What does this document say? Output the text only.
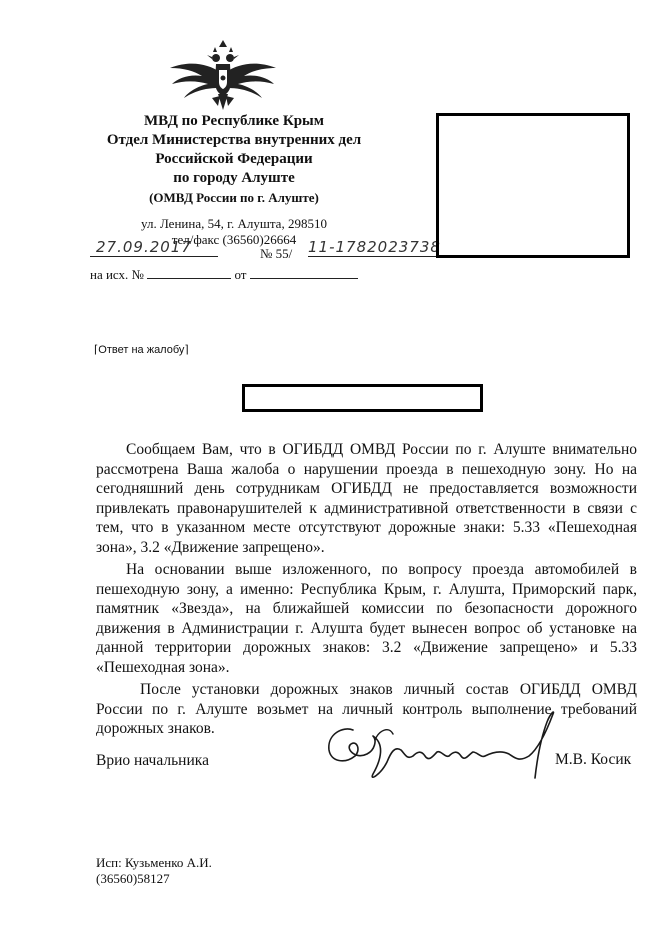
МВД по Республике Крым
Отдел Министерства внутренних дел
Российской Федерации
по городу Алуште
(ОМВД России по г. Алуште)
ул. Ленина, 54, г. Алушта, 298510
тел/факс (36560)26664
27.09.2017	№ 55/ 11-1782023738
на исх. №	от
⌈Ответ на жалобу⌉

Сообщаем Вам, что в ОГИБДД ОМВД России по г. Алуште внимательно рассмотрена Ваша жалоба о нарушении проезда в пешеходную зону. Но на сегодняшний день сотрудникам ОГИБДД не предоставляется возможности привлекать правонарушителей к административной ответственности в связи с тем, что в указанном месте отсутствуют дорожные знаки: 5.33 «Пешеходная зона», 3.2 «Движение запрещено».

На основании выше изложенного, по вопросу проезда автомобилей в пешеходную зону, а именно: Республика Крым, г. Алушта, Приморский парк, памятник «Звезда», на ближайшей комиссии по безопасности дорожного движения в Администрации г. Алушта будет вынесен вопрос об установке на данной территории дорожных знаков: 3.2 «Движение запрещено» и 5.33 «Пешеходная зона».

После установки дорожных знаков личный состав ОГИБДД ОМВД России по г. Алуште возьмет на личный контроль выполнение требований дорожных знаков.

Врио начальника	М.В. Косик
Исп: Кузьменко А.И.
(36560)58127
